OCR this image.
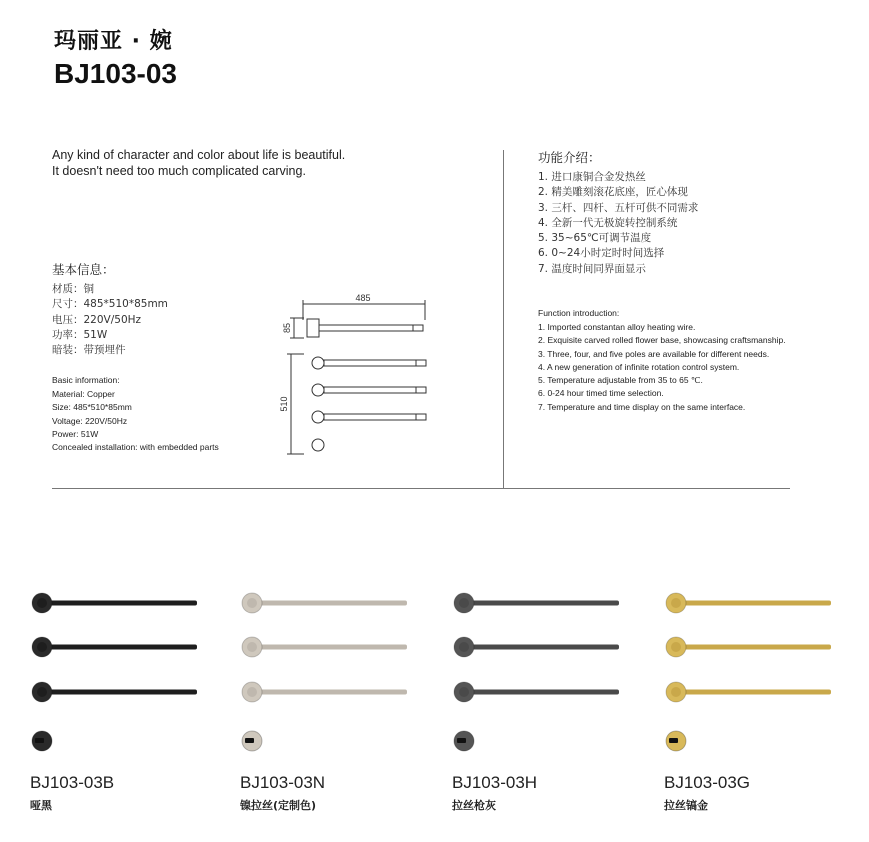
玛丽亚 · 婉
BJ103-03
Any kind of character and color about life is beautiful. It doesn't need too much complicated carving.
基本信息：
材质：铜
尺寸：485*510*85mm
电压：220V/50Hz
功率：51W
暗装：带预埋件
Basic information:
Material: Copper
Size: 485*510*85mm
Voltage: 220V/50Hz
Power: 51W
Concealed installation: with embedded parts
485
85
510
功能介绍：
1. 进口康铜合金发热丝
2. 精美雕刻滚花底座，匠心体现
3. 三杆、四杆、五杆可供不同需求
4. 全新一代无极旋转控制系统
5. 35~65℃可调节温度
6. 0~24小时定时时间选择
7. 温度时间同界面显示
Function introduction:
1. Imported constantan alloy heating wire.
2. Exquisite carved rolled flower base, showcasing craftsmanship.
3. Three, four, and five poles are available for different needs.
4. A new generation of infinite rotation control system.
5. Temperature adjustable from 35 to 65 ℃.
6. 0-24 hour timed time selection.
7. Temperature and time display on the same interface.
BJ103-03B
哑黑
BJ103-03N
镍拉丝(定制色)
BJ103-03H
拉丝枪灰
BJ103-03G
拉丝镐金
